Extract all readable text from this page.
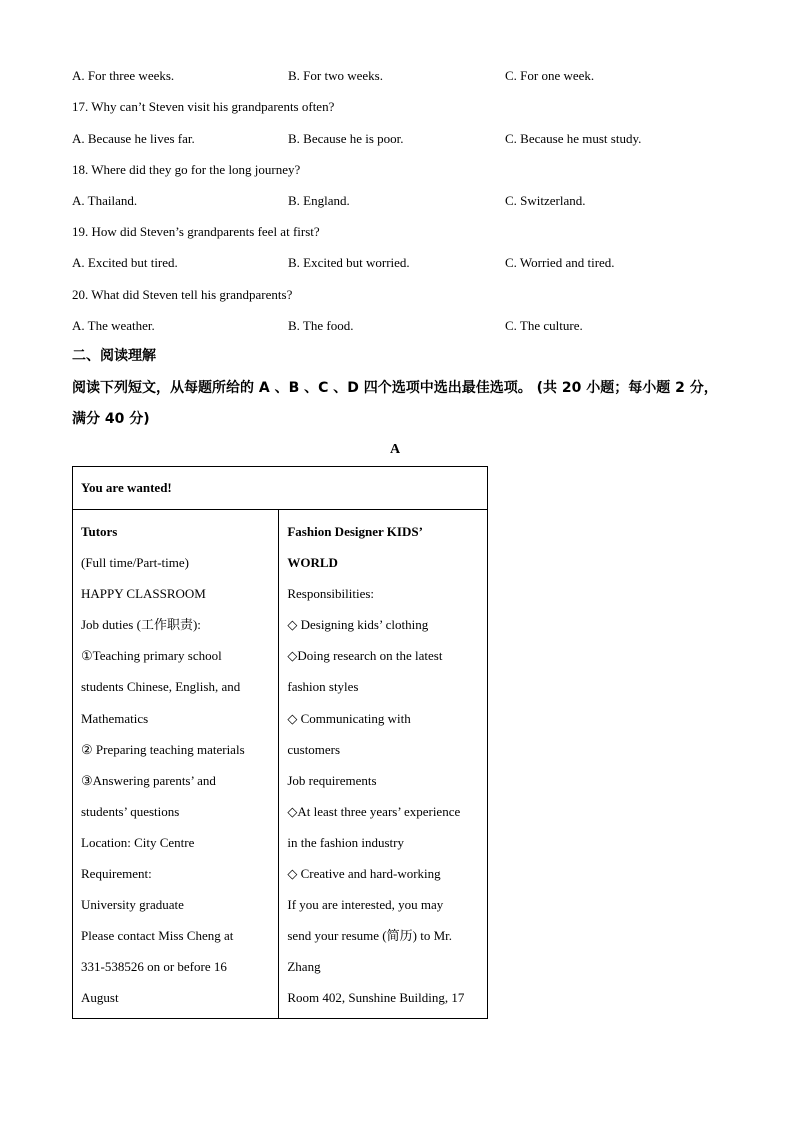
A. For three weeks.	B. For two weeks.	C. For one week.
17. Why can’t Steven visit his grandparents often?
A. Because he lives far.	B. Because he is poor.	C. Because he must study.
18. Where did they go for the long journey?
A. Thailand.	B. England.	C. Switzerland.
19. How did Steven’s grandparents feel at first?
A. Excited but tired.	B. Excited but worried.	C. Worried and tired.
20. What did Steven tell his grandparents?
A. The weather.	B. The food.	C. The culture.
二、阅读理解
阅读下列短文，从每题所给的 A 、B 、C 、D 四个选项中选出最佳选项。 (共 20 小题；每小题 2 分，满分 40 分)
A
You are wanted!

Tutors
(Full time/Part-time)
HAPPY CLASSROOM
Job duties (工作职责):
①Teaching primary school
students Chinese, English, and
Mathematics
② Preparing teaching materials
③Answering parents’ and
students’ questions
Location: City Centre
Requirement:
University graduate
Please contact Miss Cheng at
331-538526 on or before 16
August

Fashion Designer KIDS’
WORLD
Responsibilities:
◇ Designing kids’ clothing
◇Doing research on the latest
fashion styles
◇ Communicating with
customers
Job requirements
◇At least three years’ experience
in the fashion industry
◇ Creative and hard-working
If you are interested, you may
send your resume (简历) to Mr.
Zhang
Room 402, Sunshine Building, 17
